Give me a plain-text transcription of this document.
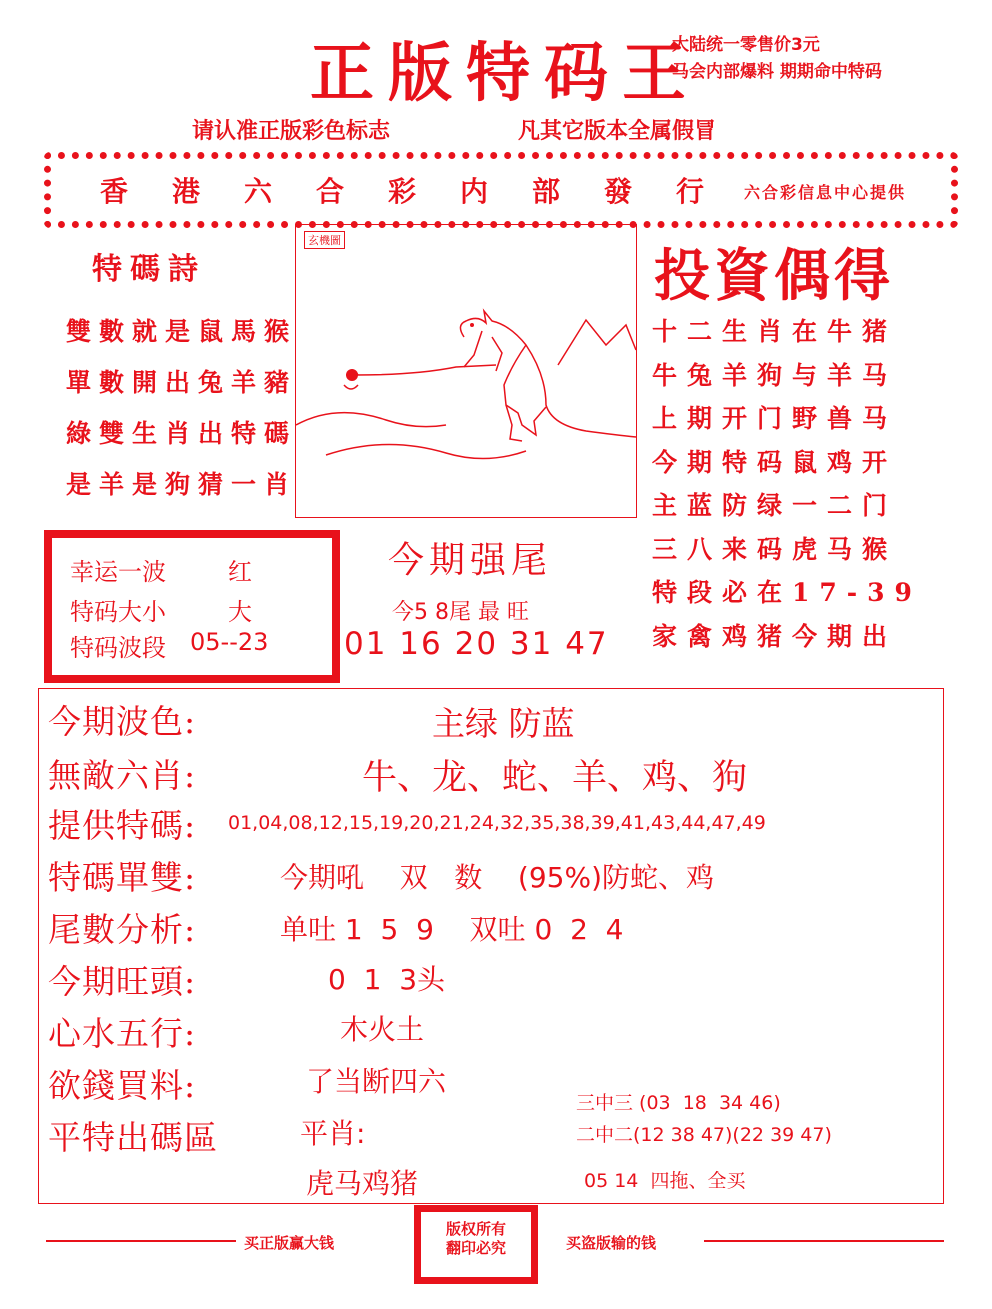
正版特码王
大陆统一零售价3元
马会内部爆料 期期命中特码
请认准正版彩色标志	凡其它版本全属假冒
香港六合彩内部發行
六合彩信息中心提供
特碼詩
雙數就是鼠馬猴
單數開出兔羊豬
綠雙生肖出特碼
是羊是狗猜一肖
玄機圖
投資偶得
十二生肖在牛猪
牛兔羊狗与羊马
上期开门野兽马
今期特码鼠鸡开
主蓝防绿一二门
三八来码虎马猴
特段必在17-39
家禽鸡猪今期出
幸运一波	红
特码大小	大
特码波段 05--23
今期强尾
今5 8尾 最 旺
01 16 20 31 47
今期波色:	主绿 防蓝
無敵六肖:	牛、龙、蛇、羊、鸡、狗
提供特碼: 01,04,08,12,15,19,20,21,24,32,35,38,39,41,43,44,47,49
特碼單雙:	今期吼    双   数    (95%)防蛇、鸡
尾數分析:	单吐 1  5  9    双吐 0  2  4
今期旺頭:	0  1  3头
心水五行:	木火土
欲錢買料:	了当断四六
平特出碼區	平肖:
虎马鸡猪
三中三 (03  18  34 46)
二中二(12 38 47)(22 39 47)
05 14  四拖、全买
买正版赢大钱
版权所有
翻印必究	买盗版输的钱
